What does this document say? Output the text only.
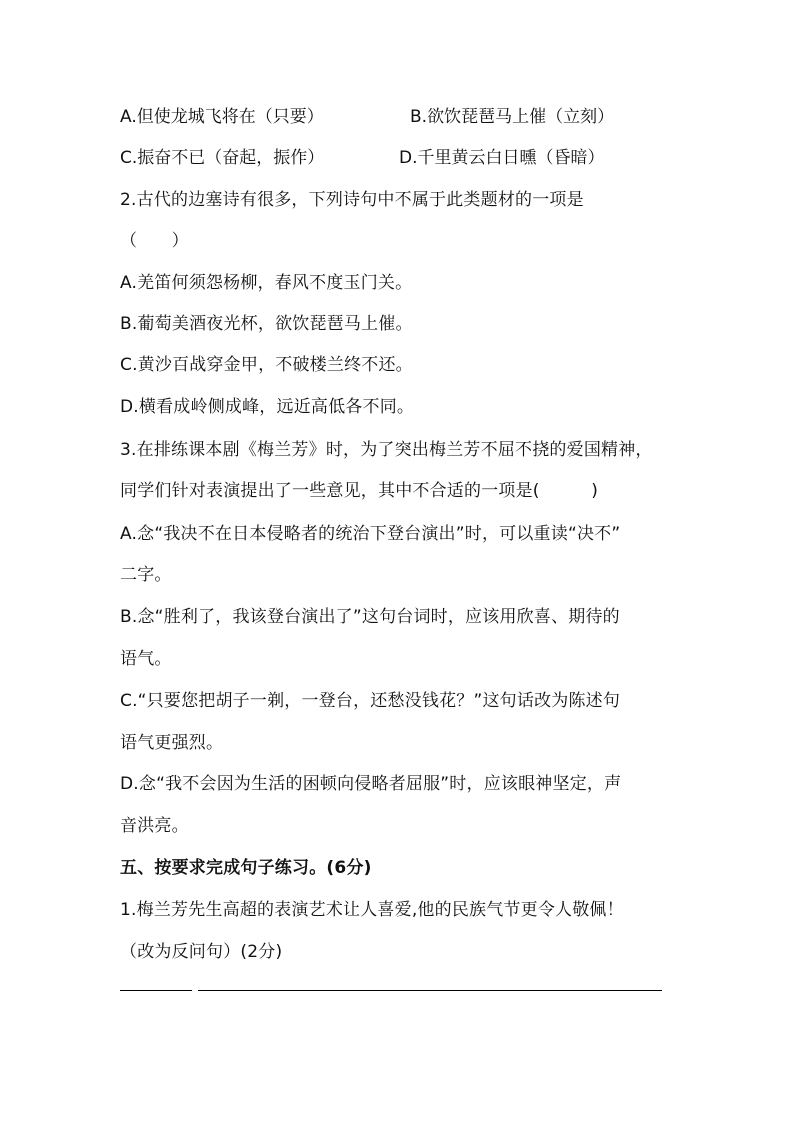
A.但使龙城飞将在（只要）	B.欲饮琵琶马上催（立刻）
C.振奋不已（奋起，振作）	D.千里黄云白日曛（昏暗）
2.古代的边塞诗有很多，下列诗句中不属于此类题材的一项是
（　　）
A.羌笛何须怨杨柳，春风不度玉门关。
B.葡萄美酒夜光杯，欲饮琵琶马上催。
C.黄沙百战穿金甲，不破楼兰终不还。
D.横看成岭侧成峰，远近高低各不同。
3.在排练课本剧《梅兰芳》时，为了突出梅兰芳不屈不挠的爱国精神，
同学们针对表演提出了一些意见，其中不合适的一项是(　　　)
A.念“我决不在日本侵略者的统治下登台演出”时，可以重读“决不”
二字。
B.念“胜利了，我该登台演出了”这句台词时，应该用欣喜、期待的
语气。
C.“只要您把胡子一剃，一登台，还愁没钱花？”这句话改为陈述句
语气更强烈。
D.念“我不会因为生活的困顿向侵略者屈服”时，应该眼神坚定，声
音洪亮。
五、按要求完成句子练习。(6分)
1.梅兰芳先生高超的表演艺术让人喜爱,他的民族气节更令人敬佩！
（改为反问句）(2分)
